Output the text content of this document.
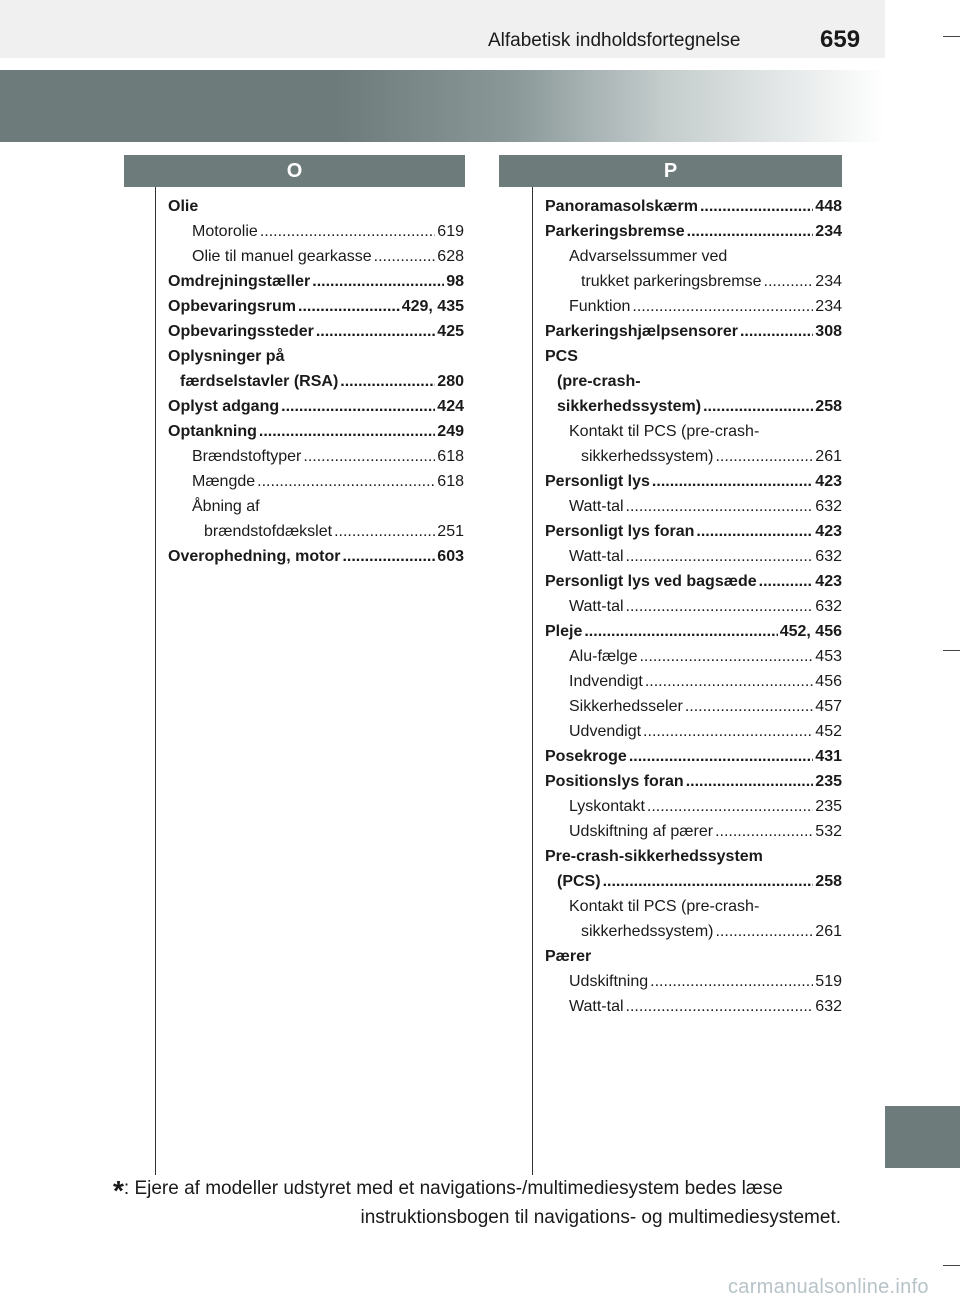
Alfabetisk indholdsfortegnelse	659
O	P
Olie
Motorolie .....	619
Olie til manuel gearkasse .....	628
Omdrejningstæller .....	98
Opbevaringsrum .....	429, 435
Opbevaringssteder .....	425
Oplysninger på
færdselstavler (RSA) .....	280
Oplyst adgang .....	424
Optankning .....	249
Brændstoftyper .....	618
Mængde .....	618
Åbning af
brændstofdækslet .....	251
Overophedning, motor .....	603
Panoramasolskærm .....	448
Parkeringsbremse .....	234
Advarselssummer ved
trukket parkeringsbremse .....	234
Funktion .....	234
Parkeringshjælpsensorer .....	308
PCS
(pre-crash-
sikkerhedssystem) .....	258
Kontakt til PCS (pre-crash-
sikkerhedssystem) .....	261
Personligt lys .....	423
Watt-tal .....	632
Personligt lys foran .....	423
Watt-tal .....	632
Personligt lys ved bagsæde .....	423
Watt-tal .....	632
Pleje .....	452, 456
Alu-fælge .....	453
Indvendigt .....	456
Sikkerhedsseler .....	457
Udvendigt .....	452
Posekroge .....	431
Positionslys foran .....	235
Lyskontakt .....	235
Udskiftning af pærer .....	532
Pre-crash-sikkerhedssystem
(PCS) .....	258
Kontakt til PCS (pre-crash-
sikkerhedssystem) .....	261
Pærer
Udskiftning .....	519
Watt-tal .....	632
*: Ejere af modeller udstyret med et navigations-/multimediesystem bedes læse
instruktionsbogen til navigations- og multimediesystemet.
carmanualsonline.info
